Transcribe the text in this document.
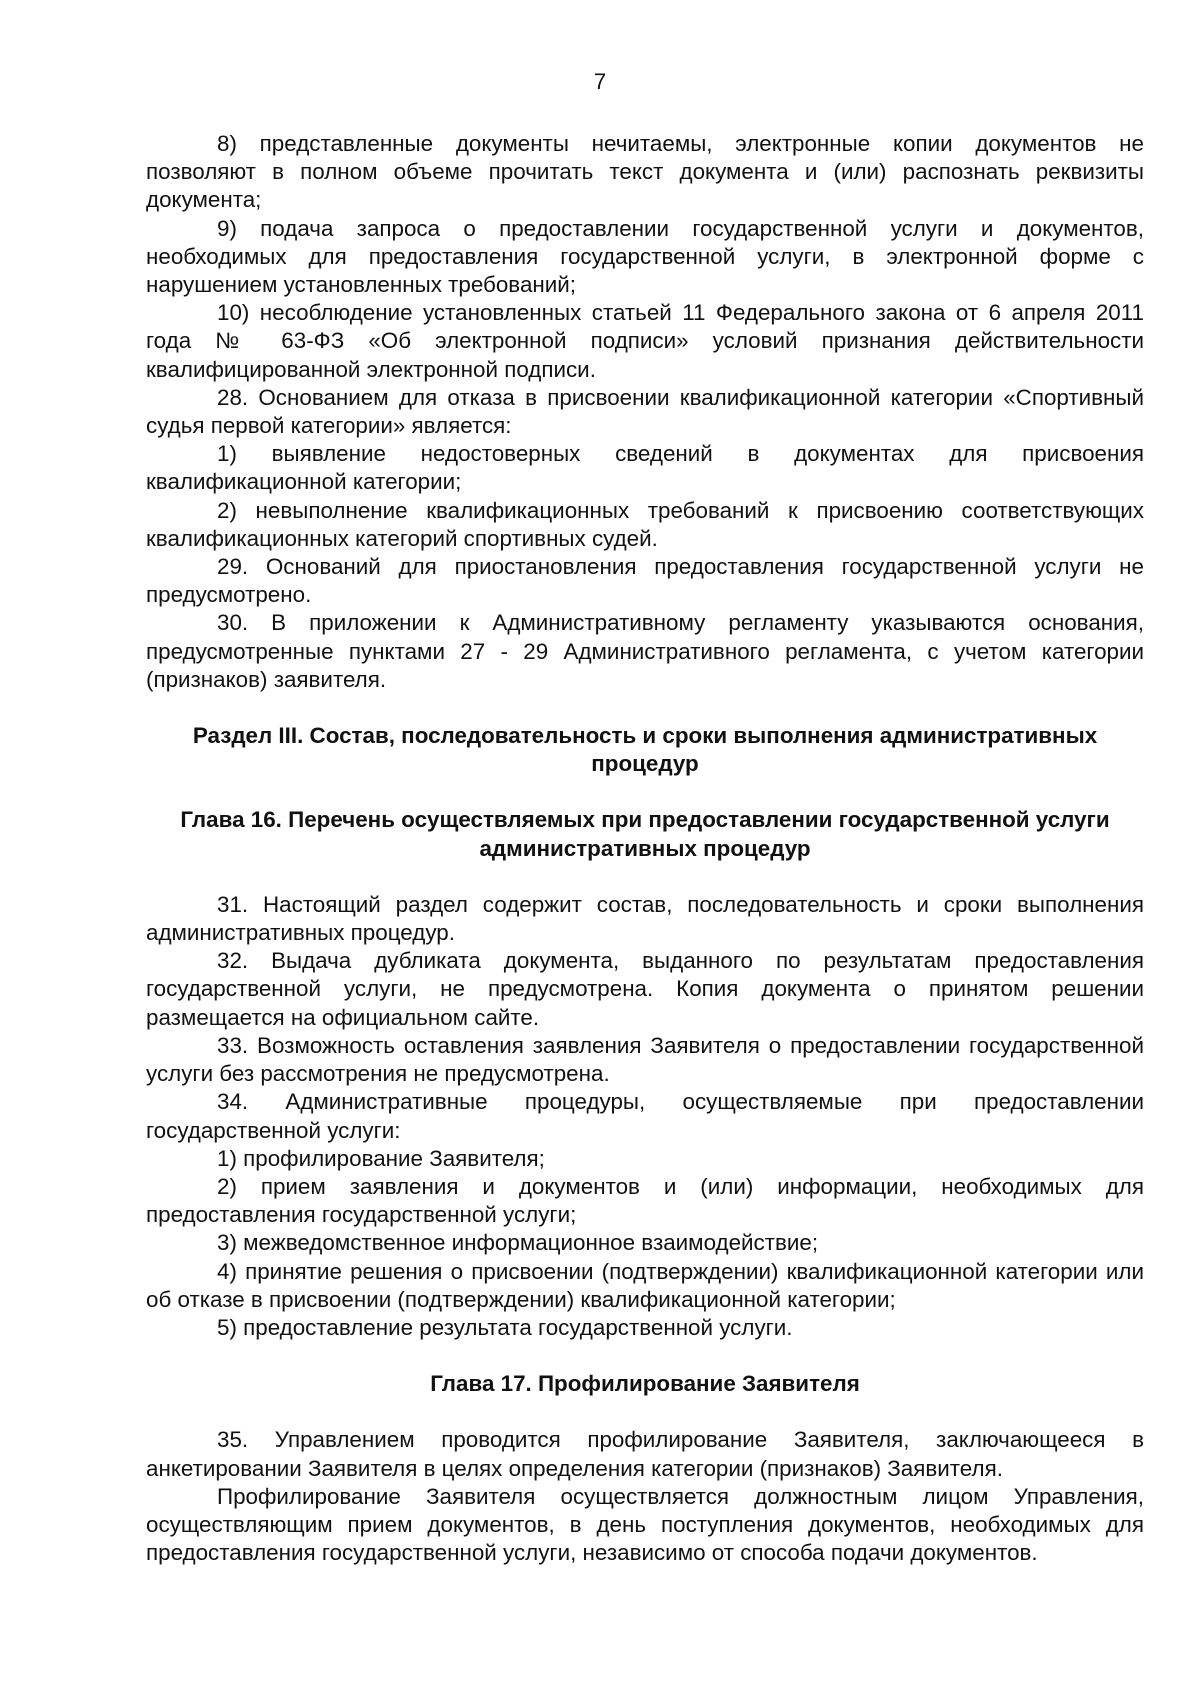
7

8) представленные документы нечитаемы, электронные копии документов не позволяют в полном объеме прочитать текст документа и (или) распознать реквизиты документа;

9) подача запроса о предоставлении государственной услуги и документов, необходимых для предоставления государственной услуги, в электронной форме с нарушением установленных требований;

10) несоблюдение установленных статьей 11 Федерального закона от 6 апреля 2011 года № 63-ФЗ «Об электронной подписи» условий признания действительности квалифицированной электронной подписи.

28. Основанием для отказа в присвоении квалификационной категории «Спортивный судья первой категории» является:

1) выявление недостоверных сведений в документах для присвоения квалификационной категории;

2) невыполнение квалификационных требований к присвоению соответствующих квалификационных категорий спортивных судей.

29. Оснований для приостановления предоставления государственной услуги не предусмотрено.

30. В приложении к Административному регламенту указываются основания, предусмотренные пунктами 27 - 29 Административного регламента, с учетом категории (признаков) заявителя.

Раздел III. Состав, последовательность и сроки выполнения административных процедур

Глава 16. Перечень осуществляемых при предоставлении государственной услуги административных процедур

31. Настоящий раздел содержит состав, последовательность и сроки выполнения административных процедур.

32. Выдача дубликата документа, выданного по результатам предоставления государственной услуги, не предусмотрена. Копия документа о принятом решении размещается на официальном сайте.

33. Возможность оставления заявления Заявителя о предоставлении государственной услуги без рассмотрения не предусмотрена.

34. Административные процедуры, осуществляемые при предоставлении государственной услуги:

1) профилирование Заявителя;

2) прием заявления и документов и (или) информации, необходимых для предоставления государственной услуги;

3) межведомственное информационное взаимодействие;

4) принятие решения о присвоении (подтверждении) квалификационной категории или об отказе в присвоении (подтверждении) квалификационной категории;

5) предоставление результата государственной услуги.

Глава 17. Профилирование Заявителя

35. Управлением проводится профилирование Заявителя, заключающееся в анкетировании Заявителя в целях определения категории (признаков) Заявителя.

Профилирование Заявителя осуществляется должностным лицом Управления, осуществляющим прием документов, в день поступления документов, необходимых для предоставления государственной услуги, независимо от способа подачи документов.
